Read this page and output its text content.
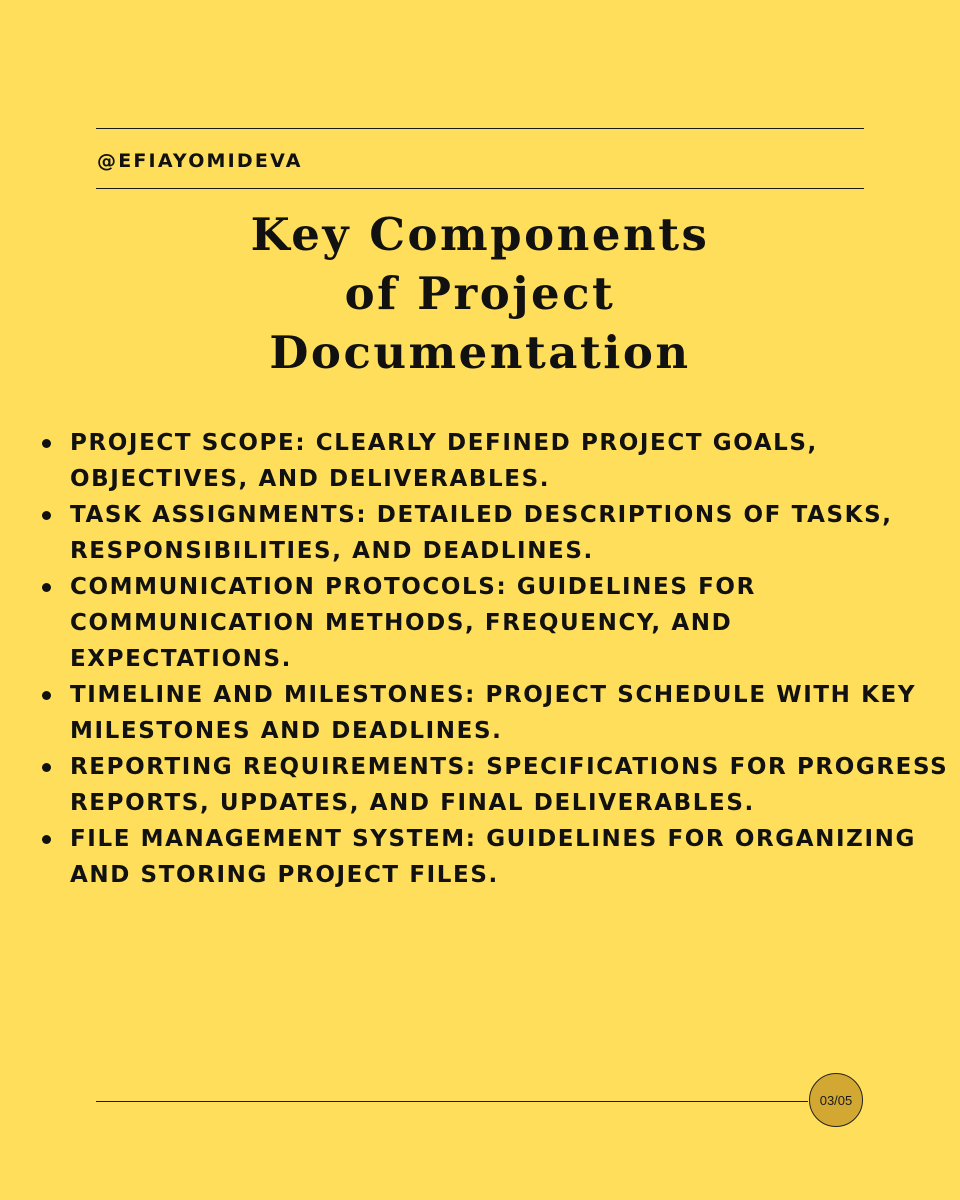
@EFIAYOMIDEVA
Key Components
of Project
Documentation
PROJECT SCOPE: CLEARLY DEFINED PROJECT GOALS,
OBJECTIVES, AND DELIVERABLES.
TASK ASSIGNMENTS: DETAILED DESCRIPTIONS OF TASKS,
RESPONSIBILITIES, AND DEADLINES.
COMMUNICATION PROTOCOLS: GUIDELINES FOR
COMMUNICATION METHODS, FREQUENCY, AND
EXPECTATIONS.
TIMELINE AND MILESTONES: PROJECT SCHEDULE WITH KEY
MILESTONES AND DEADLINES.
REPORTING REQUIREMENTS: SPECIFICATIONS FOR PROGRESS
REPORTS, UPDATES, AND FINAL DELIVERABLES.
FILE MANAGEMENT SYSTEM: GUIDELINES FOR ORGANIZING
AND STORING PROJECT FILES.
03/05
